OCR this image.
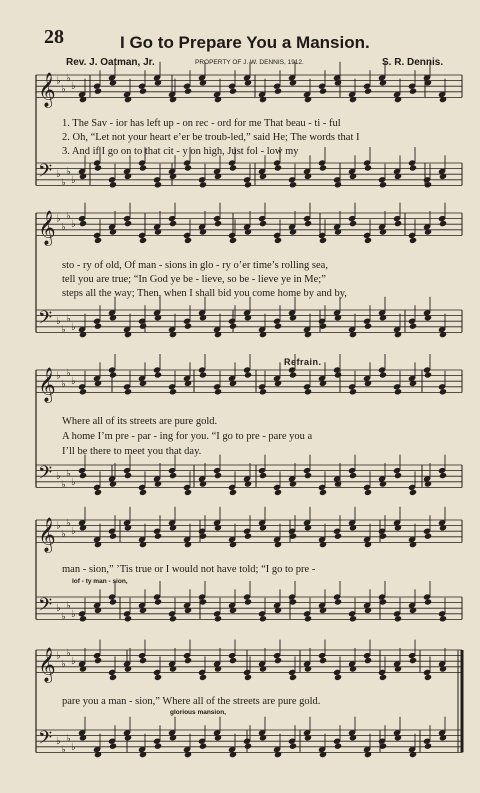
28	I Go to Prepare You a Mansion.
Rev. J. Oatman, Jr.	PROPERTY OF J. W. DENNIS, 1912.	S. R. Dennis.
𝄞 ♭
♭
♭
♭
𝄢 ♭
♭
♭
♭
𝄞 ♭
♭
♭
♭
𝄢 ♭
♭
♭
♭
𝄞 ♭
♭
♭
♭
𝄢 ♭
♭
♭
♭
𝄞 ♭
♭
♭
♭
𝄢 ♭
♭
♭
♭
𝄞 ♭
♭
♭
♭
𝄢 ♭
♭
♭
♭
1. The Sav - ior has left up - on rec - ord for me That beau - ti - ful
2. Oh, “Let not your heart e’er be troub-led,” said He; The words that I
3. And if I go on to that cit - y on high, Just fol - low my
sto - ry of old, Of man - sions in glo - ry o’er time’s rolling sea,
tell you are true; “In God ye be - lieve, so be - lieve ye in Me;”
steps all the way; Then, when I shall bid you come home by and by,
Refrain.
Where all of its streets are pure gold.
A home I’m pre - par - ing for you. “I go to pre - pare you a
I’ll be there to meet you that day.
man - sion,” ’Tis true or I would not have told; “I go to pre -
lof - ty man - sion,
pare you a man - sion,” Where all of the streets are pure gold.
glorious mansion,
